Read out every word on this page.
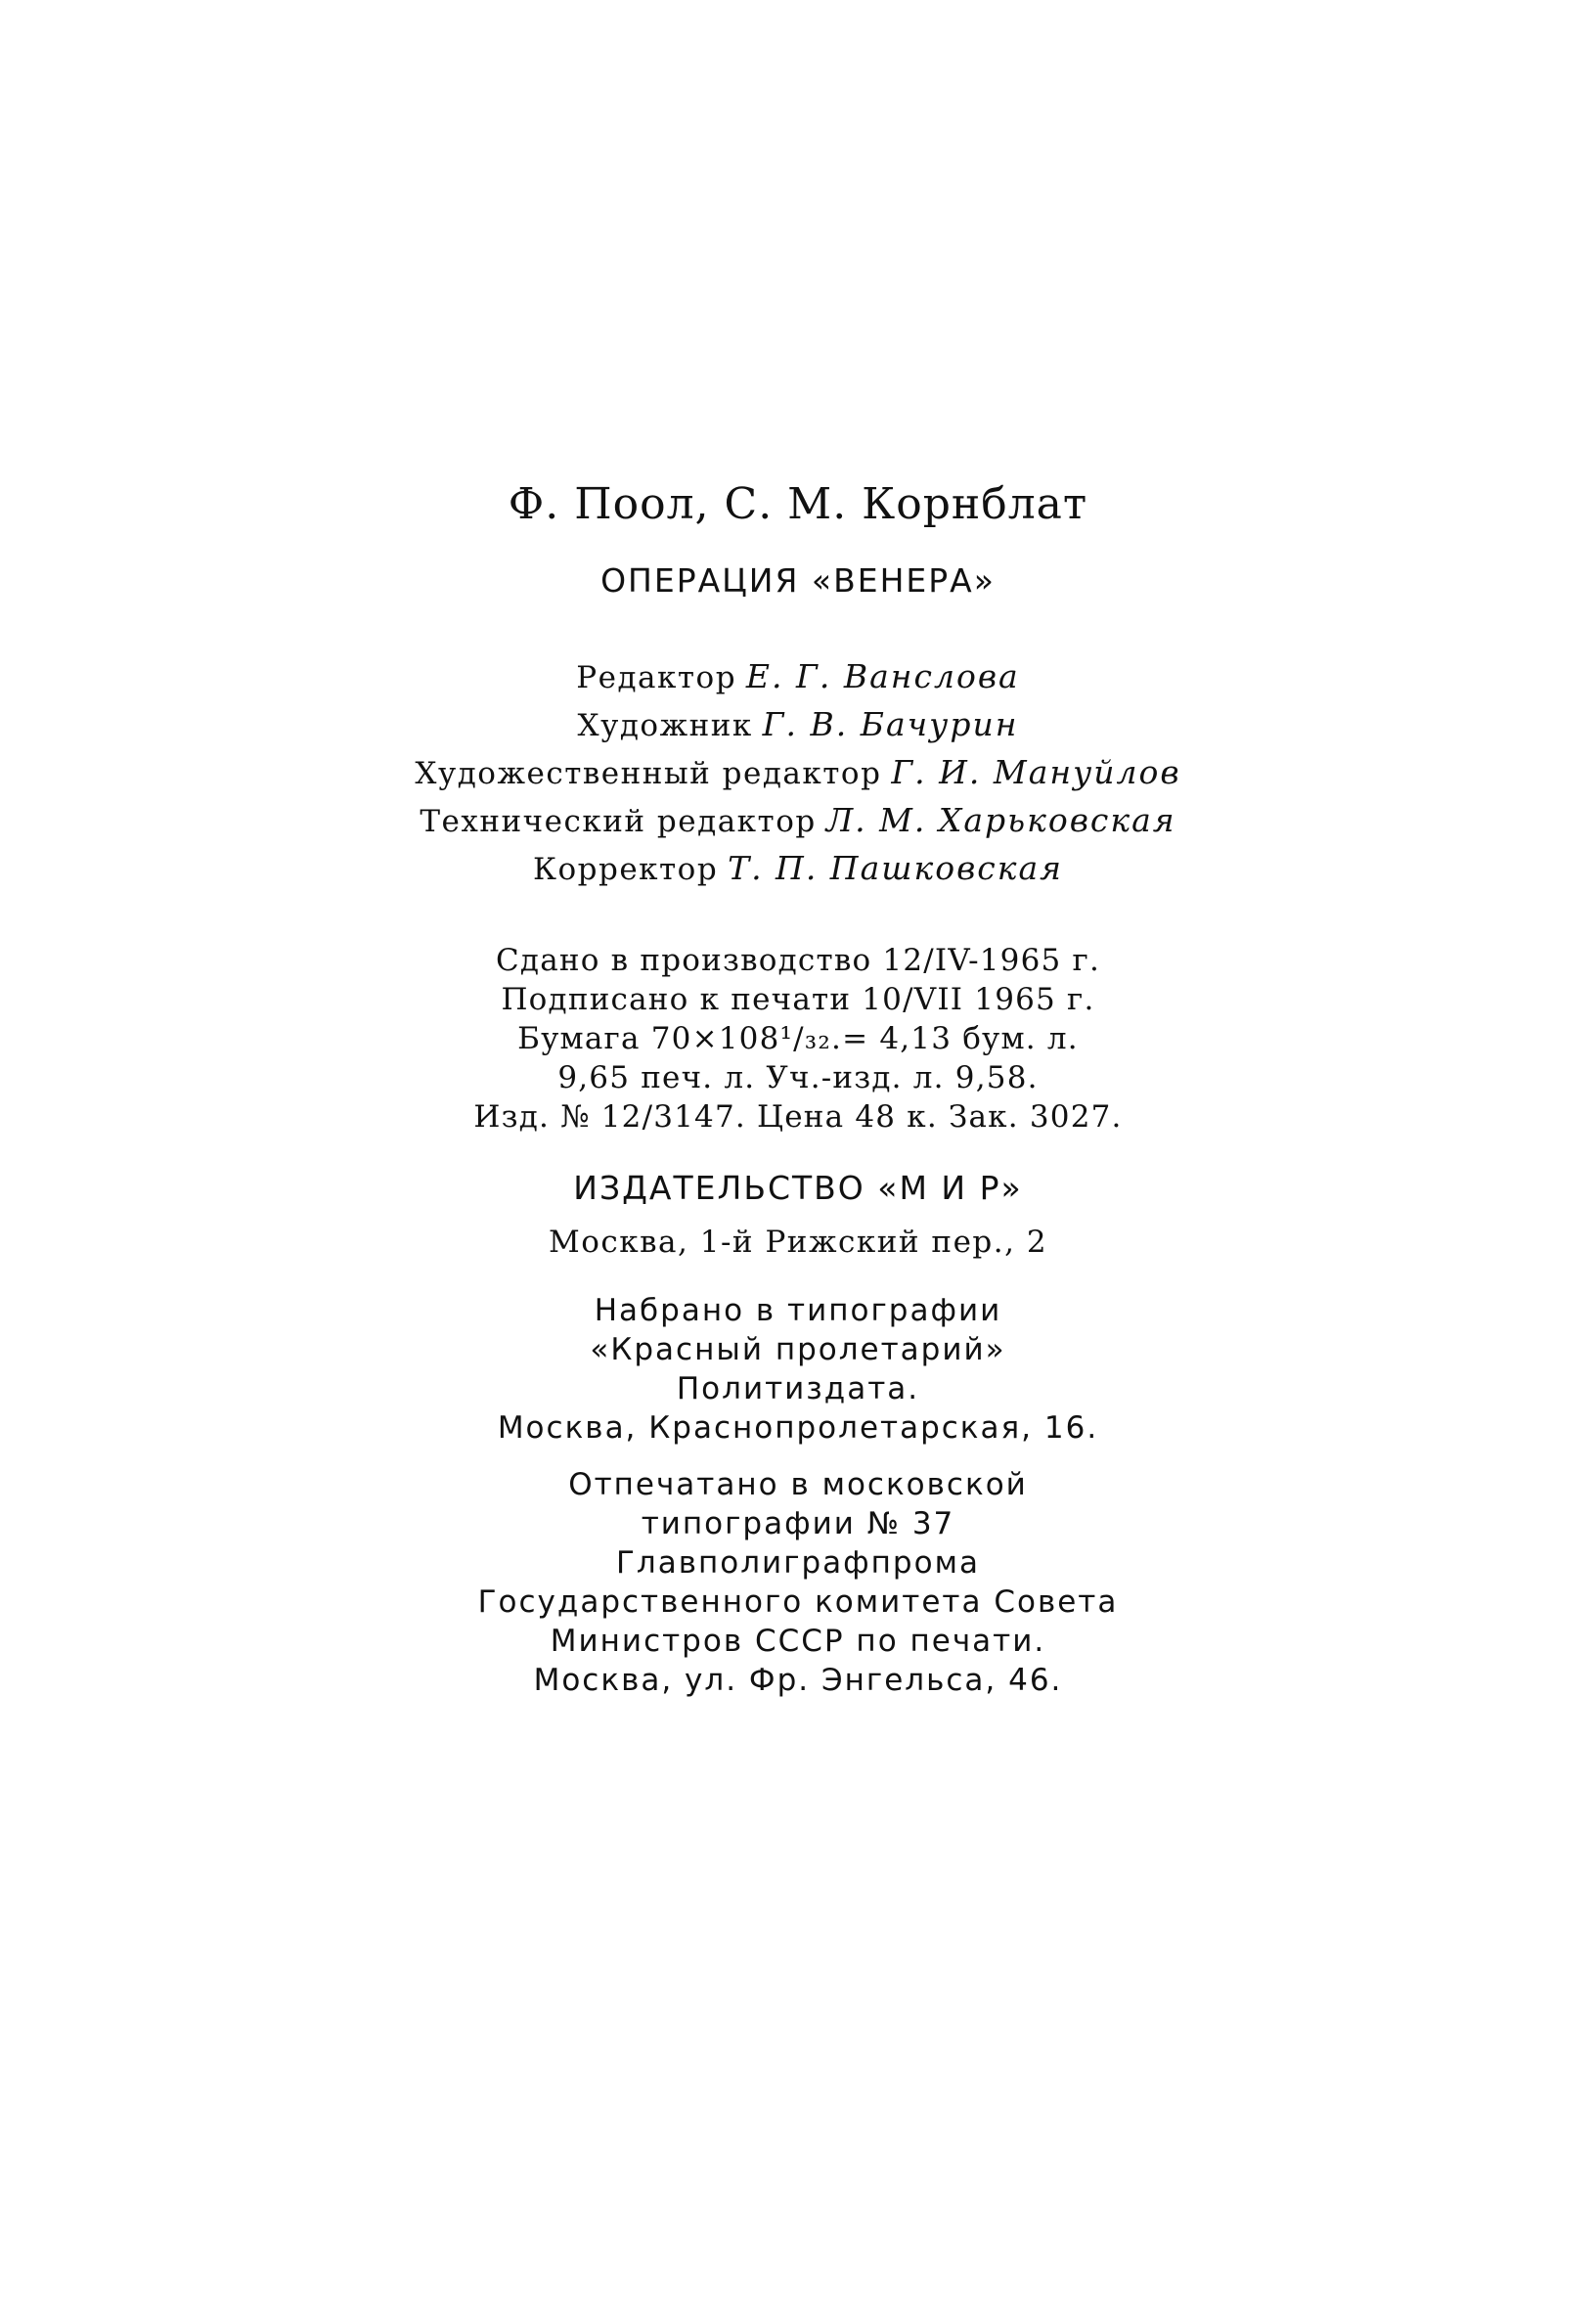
Ф. Поол, С. М. Корнблат
ОПЕРАЦИЯ «ВЕНЕРА»
Редактор Е. Г. Ванслова
Художник Г. В. Бачурин
Художественный редактор Г. И. Мануйлов
Технический редактор Л. М. Харьковская
Корректор Т. П. Пашковская
Сдано в производство 12/IV-1965 г.
Подписано к печати 10/VII 1965 г.
Бумага 70×108¹/₃₂.= 4,13 бум. л.
9,65 печ. л. Уч.-изд. л. 9,58.
Изд. № 12/3147. Цена 48 к. Зак. 3027.
ИЗДАТЕЛЬСТВО «М И Р»
Москва, 1-й Рижский пер., 2
Набрано в типографии
«Красный пролетарий»
Политиздата.
Москва, Краснопролетарская, 16.
Отпечатано в московской
типографии № 37
Главполиграфпрома
Государственного комитета Совета
Министров СССР по печати.
Москва, ул. Фр. Энгельса, 46.
